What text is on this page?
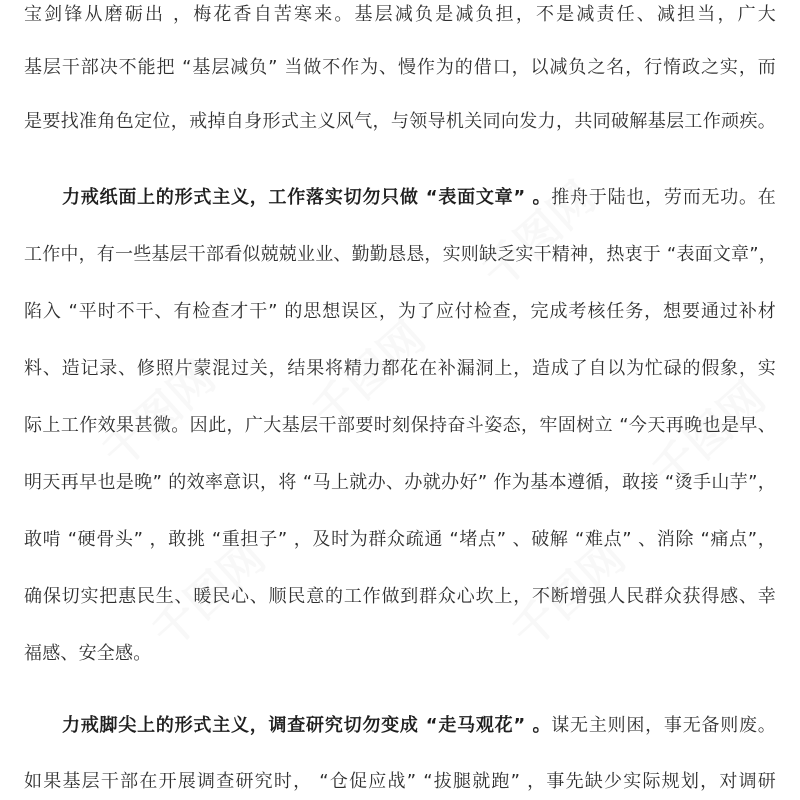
千图网
千图网
千图网
千图网
千图网
千图网
宝剑锋从磨砺出 ，梅花香自苦寒来。基层减负是减负担，不是减责任、减担当，广大
基层干部决不能把 “基层减负” 当做不作为、慢作为的借口，以减负之名，行惰政之实，而
是要找准角色定位，戒掉自身形式主义风气，与领导机关同向发力，共同破解基层工作顽疾。
力戒纸面上的形式主义，工作落实切勿只做 “表面文章” 。推舟于陆也，劳而无功。在
工作中，有一些基层干部看似兢兢业业、勤勤恳恳，实则缺乏实干精神，热衷于 “表面文章”，
陷入 “平时不干、有检查才干” 的思想误区，为了应付检查，完成考核任务，想要通过补材
料、造记录、修照片蒙混过关，结果将精力都花在补漏洞上，造成了自以为忙碌的假象，实
际上工作效果甚微。因此，广大基层干部要时刻保持奋斗姿态，牢固树立 “今天再晚也是早、
明天再早也是晚” 的效率意识，将 “马上就办、办就办好” 作为基本遵循，敢接 “烫手山芋”，
敢啃 “硬骨头” ，敢挑 “重担子” ，及时为群众疏通 “堵点” 、破解 “难点” 、消除 “痛点”，
确保切实把惠民生、暖民心、顺民意的工作做到群众心坎上，不断增强人民群众获得感、幸
福感、安全感。
力戒脚尖上的形式主义，调查研究切勿变成 “走马观花” 。谋无主则困，事无备则废。
如果基层干部在开展调查研究时， “仓促应战” “拔腿就跑” ，事先缺少实际规划，对调研
